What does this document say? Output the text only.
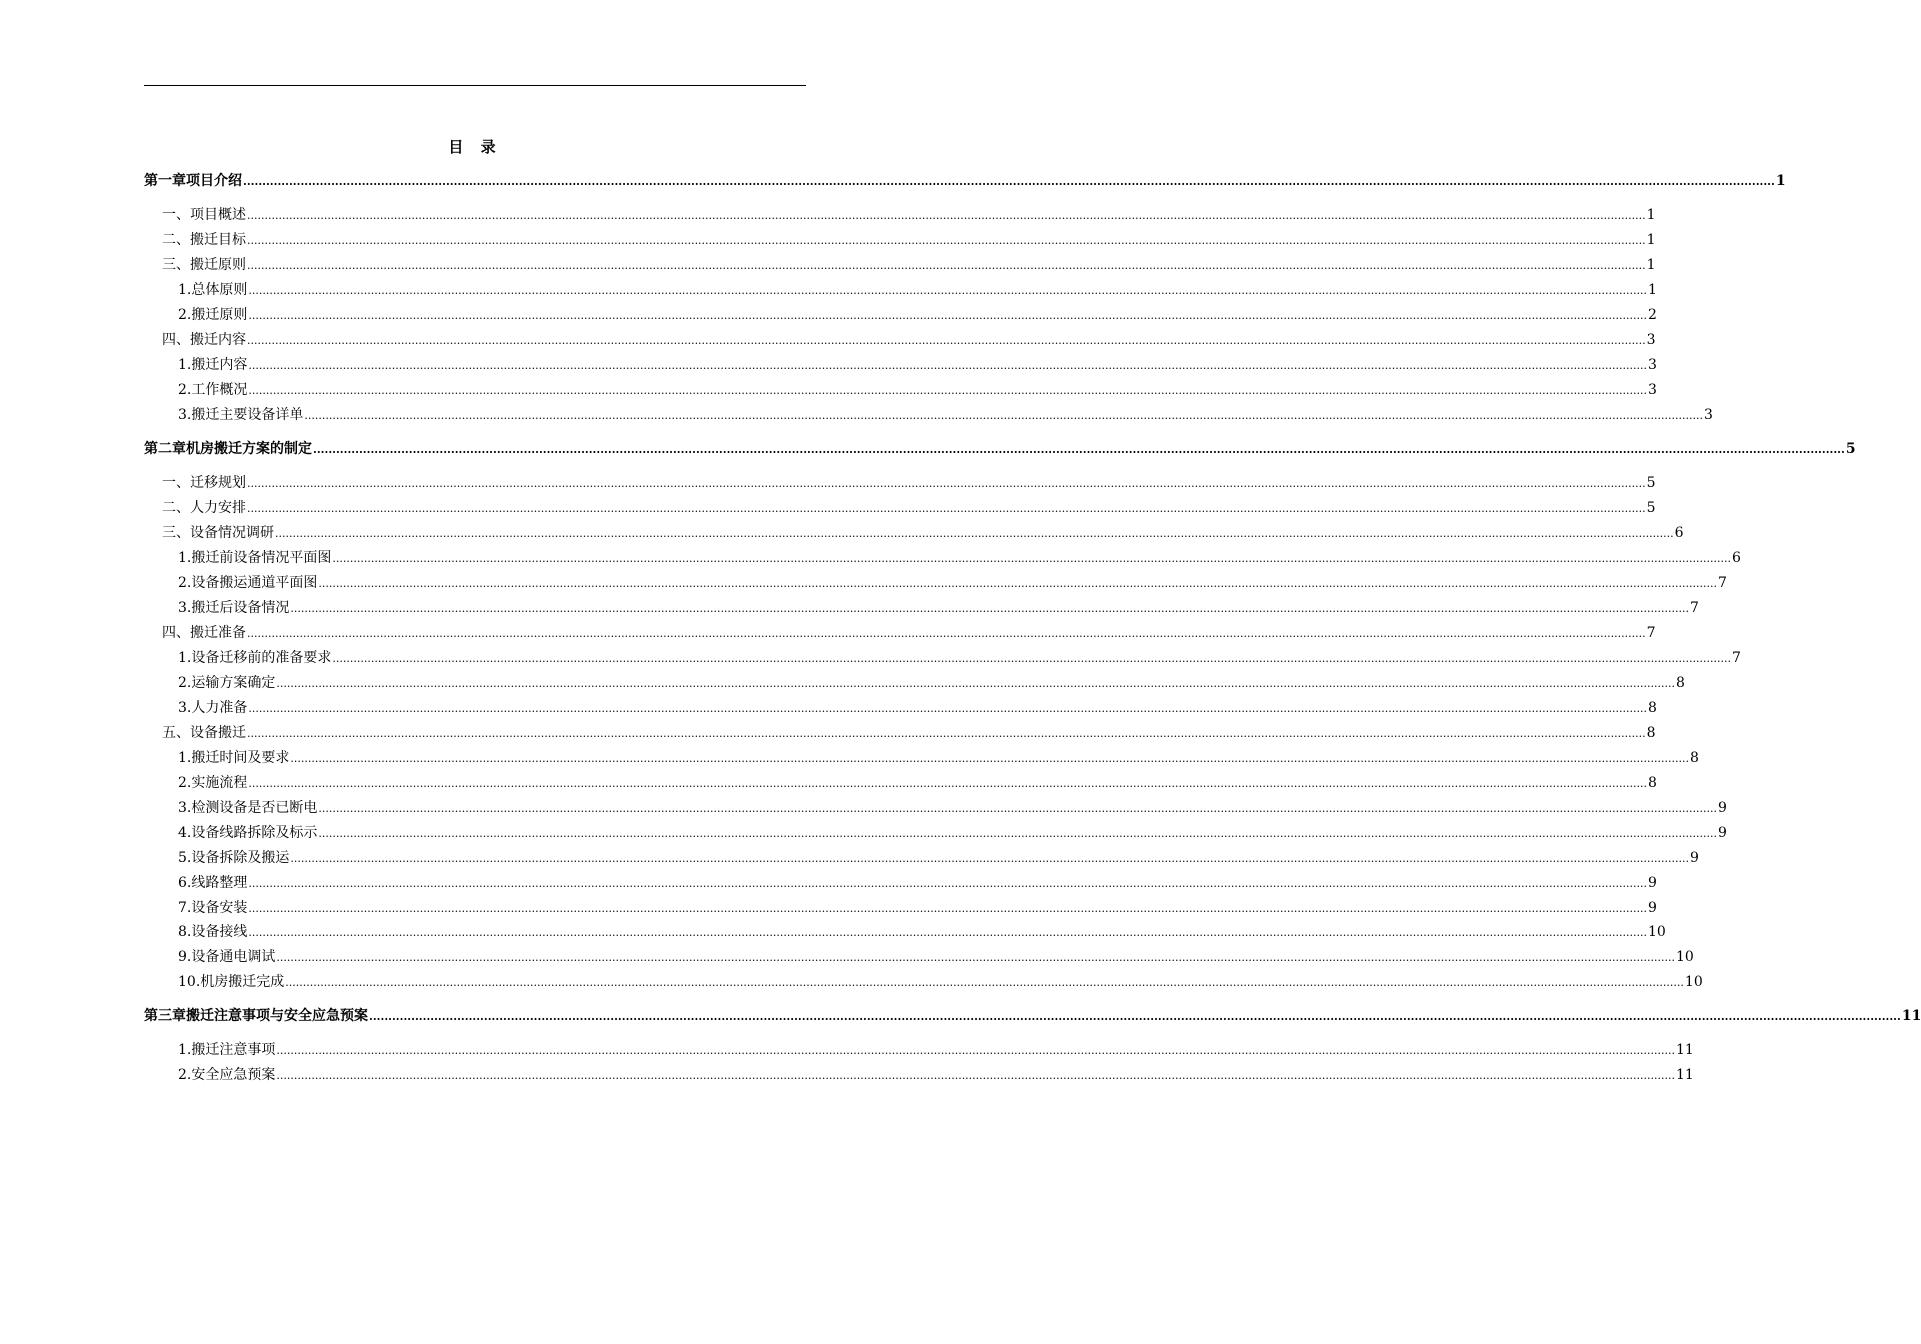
目 录
第一章 项目介绍 ................................................................................................................................................................................................................................................................................................................................................................................................................ 1
一、 项目概述 ................................................................................................................................................................................................................................................................................................................................................................................................................ 1
二、 搬迁目标 ................................................................................................................................................................................................................................................................................................................................................................................................................ 1
三、 搬迁原则 ................................................................................................................................................................................................................................................................................................................................................................................................................ 1
1. 总体原则 ................................................................................................................................................................................................................................................................................................................................................................................................................ 1
2. 搬迁原则 ................................................................................................................................................................................................................................................................................................................................................................................................................ 2
四、 搬迁内容 ................................................................................................................................................................................................................................................................................................................................................................................................................ 3
1. 搬迁内容 ................................................................................................................................................................................................................................................................................................................................................................................................................ 3
2. 工作概况 ................................................................................................................................................................................................................................................................................................................................................................................................................ 3
3. 搬迁主要设备详单 ................................................................................................................................................................................................................................................................................................................................................................................................................ 3
第二章 机房搬迁方案的制定 ................................................................................................................................................................................................................................................................................................................................................................................................................ 5
一、 迁移规划 ................................................................................................................................................................................................................................................................................................................................................................................................................ 5
二、 人力安排 ................................................................................................................................................................................................................................................................................................................................................................................................................ 5
三、 设备情况调研 ................................................................................................................................................................................................................................................................................................................................................................................................................ 6
1. 搬迁前设备情况平面图 ................................................................................................................................................................................................................................................................................................................................................................................................................ 6
2. 设备搬运通道平面图 ................................................................................................................................................................................................................................................................................................................................................................................................................ 7
3. 搬迁后设备情况 ................................................................................................................................................................................................................................................................................................................................................................................................................ 7
四、 搬迁准备 ................................................................................................................................................................................................................................................................................................................................................................................................................ 7
1. 设备迁移前的准备要求 ................................................................................................................................................................................................................................................................................................................................................................................................................ 7
2. 运输方案确定 ................................................................................................................................................................................................................................................................................................................................................................................................................ 8
3. 人力准备 ................................................................................................................................................................................................................................................................................................................................................................................................................ 8
五、 设备搬迁 ................................................................................................................................................................................................................................................................................................................................................................................................................ 8
1. 搬迁时间及要求 ................................................................................................................................................................................................................................................................................................................................................................................................................ 8
2. 实施流程 ................................................................................................................................................................................................................................................................................................................................................................................................................ 8
3. 检测设备是否已断电 ................................................................................................................................................................................................................................................................................................................................................................................................................ 9
4. 设备线路拆除及标示 ................................................................................................................................................................................................................................................................................................................................................................................................................ 9
5. 设备拆除及搬运 ................................................................................................................................................................................................................................................................................................................................................................................................................ 9
6. 线路整理 ................................................................................................................................................................................................................................................................................................................................................................................................................ 9
7. 设备安装 ................................................................................................................................................................................................................................................................................................................................................................................................................ 9
8. 设备接线 ................................................................................................................................................................................................................................................................................................................................................................................................................ 10
9. 设备通电调试 ................................................................................................................................................................................................................................................................................................................................................................................................................ 10
10. 机房搬迁完成 ................................................................................................................................................................................................................................................................................................................................................................................................................ 10
第三章 搬迁注意事项与安全应急预案 ................................................................................................................................................................................................................................................................................................................................................................................................................ 11
1. 搬迁注意事项 ................................................................................................................................................................................................................................................................................................................................................................................................................ 11
2. 安全应急预案 ................................................................................................................................................................................................................................................................................................................................................................................................................ 11
